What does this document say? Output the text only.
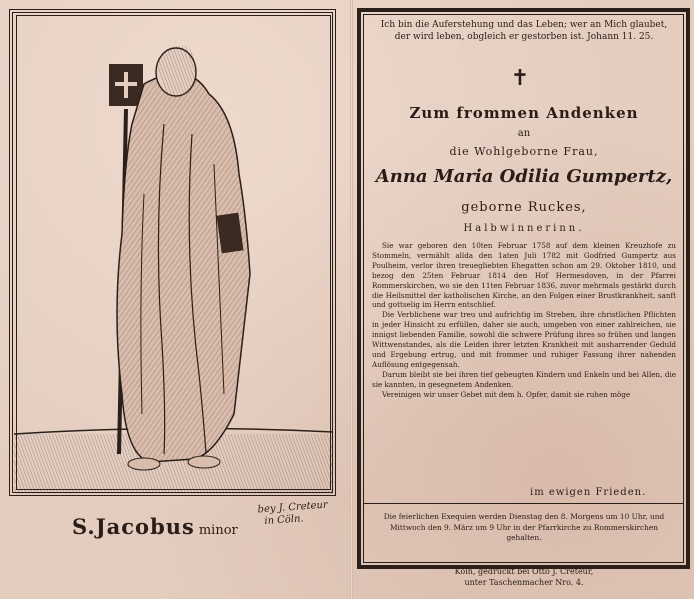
S.Jacobus minor
bey J. Creteur
in Cöln.
Ich bin die Auferstehung und das Leben; wer an Mich glaubet, der wird leben, obgleich er gestorben ist. Johann 11. 25.
✝
Zum frommen Andenken
an
die Wohlgeborne Frau,
Anna Maria Odilia Gumpertz,
geborne Ruckes,
Halbwinnerinn.

Sie war geboren den 10ten Februar 1758 auf dem kleinen Kreuzhofe zu Stommeln, vermählt allda den 1aten Juli 1782 mit Godfried Gumpertz aus Poulheim, verlor ihren treuegliebten Ehegatten schon am 29. Oktober 1810, und bezog den 25ten Februar 1814 den Hof Hermesdoven, in der Pfarrei Rommerskirchen, wo sie den 11ten Februar 1836, zuvor mehrmals gestärkt durch die Heilsmittel der katholischen Kirche, an den Folgen einer Brustkrankheit, sanft und gottselig im Herrn entschlief.

Die Verblichene war treu und aufrichtig im Streben, ihre christlichen Pflichten in jeder Hinsicht zu erfüllen, daher sie auch, umgeben von einer zahlreichen, sie innigst liebenden Familie, sowohl die schwere Prüfung ihres so frühen und langen Wittwenstandes, als die Leiden ihrer letzten Krankheit mit ausharrender Geduld und Ergebung ertrug, und mit frommer und ruhiger Fassung ihrer nahenden Auflösung entgegensah.

Darum bleibt sie bei ihren tief gebeugten Kindern und Enkeln und bei Allen, die sie kannten, in gesegnetem Andenken.

Vereinigen wir unser Gebet mit dem h. Opfer, damit sie ruhen möge

im ewigen Frieden.
Die feierlichen Exequien werden Dienstag den 8. Morgens um 10 Uhr, und Mittwoch den 9. März um 9 Uhr in der Pfarrkirche zu Rommerskirchen gehalten.
Köln, gedruckt bei Otto J. Creteur,
unter Taschenmacher Nro. 4.
